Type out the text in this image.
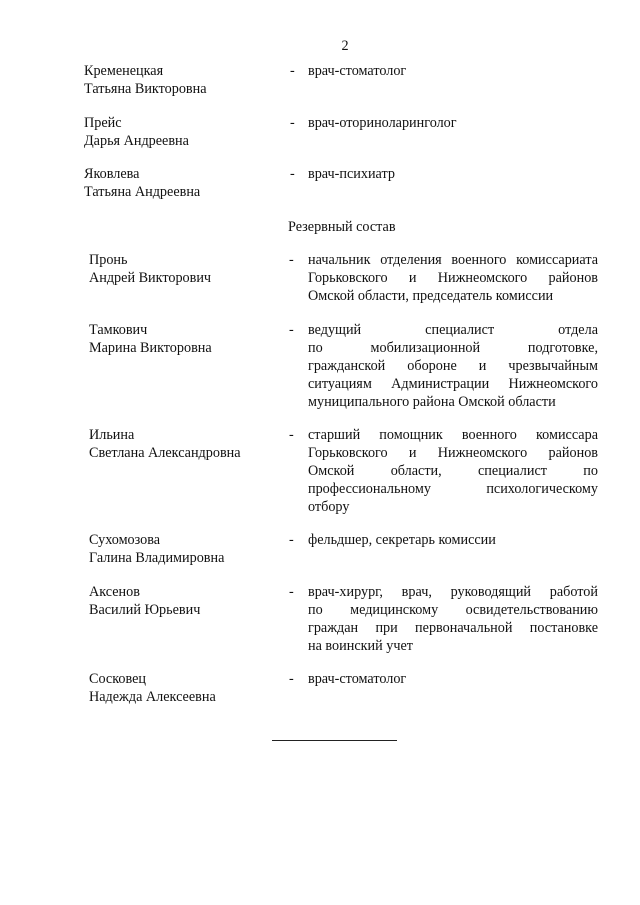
2
Кременецкая
Татьяна Викторовна
- врач-стоматолог
Прейс
Дарья Андреевна
- врач-оториноларинголог
Яковлева
Татьяна Андреевна
- врач-психиатр
Резервный состав
Пронь
Андрей Викторович
- начальник отделения военного комиссариата
Горьковского и Нижнеомского районов
Омской области, председатель комиссии
Тамкович
Марина Викторовна
- ведущий специалист отдела
по мобилизационной подготовке,
гражданской обороне и чрезвычайным
ситуациям Администрации Нижнеомского
муниципального района Омской области
Ильина
Светлана Александровна
- старший помощник военного комиссара
Горьковского и Нижнеомского районов
Омской области, специалист по
профессиональному психологическому
отбору
Сухомозова
Галина Владимировна
- фельдшер, секретарь комиссии
Аксенов
Василий Юрьевич
- врач-хирург, врач, руководящий работой
по медицинскому освидетельствованию
граждан при первоначальной постановке
на воинский учет
Сосковец
Надежда Алексеевна
- врач-стоматолог
